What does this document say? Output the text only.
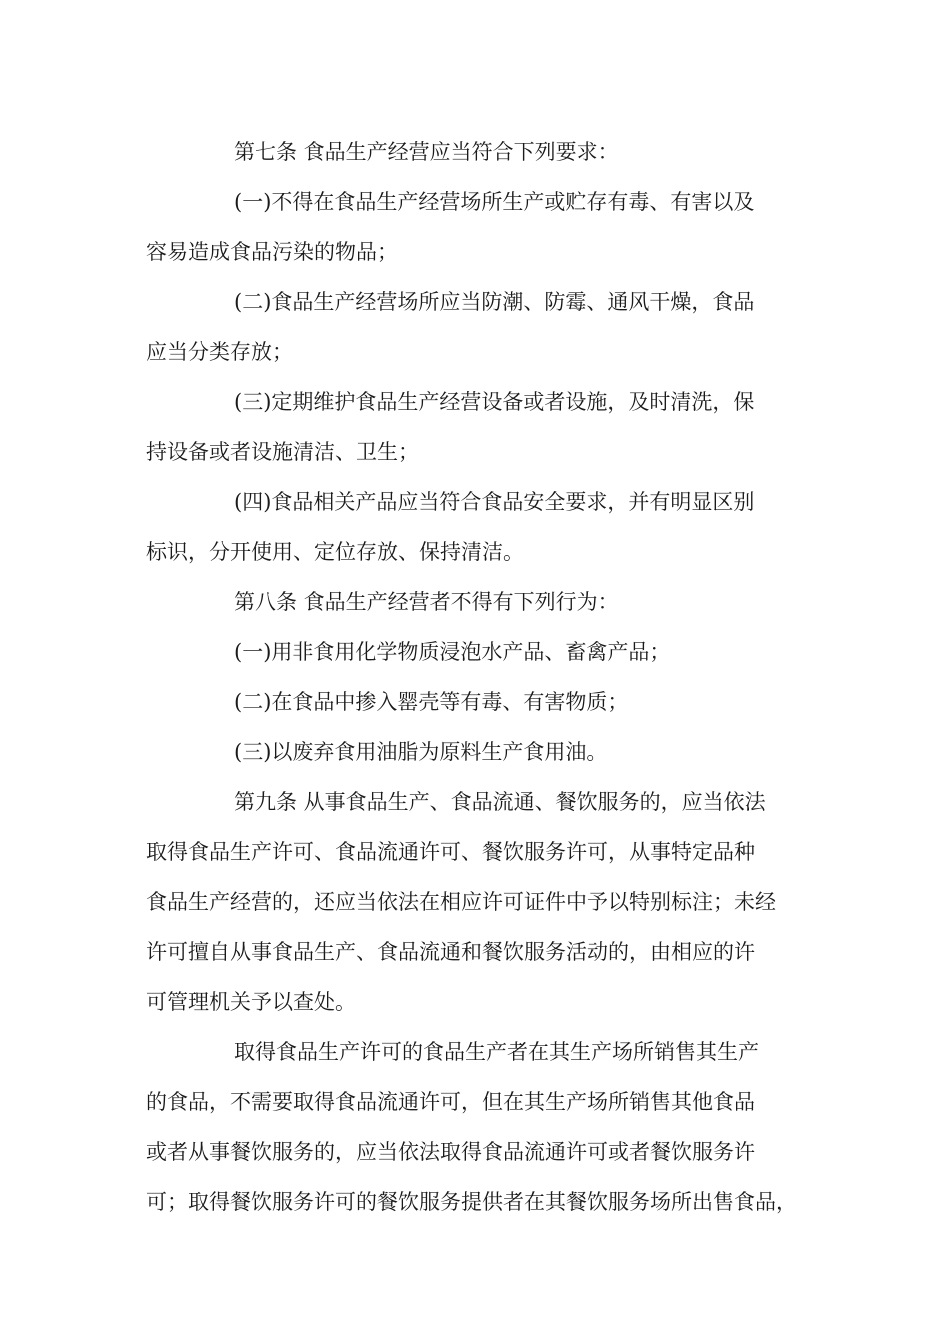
第七条 食品生产经营应当符合下列要求：
(一)不得在食品生产经营场所生产或贮存有毒、有害以及
容易造成食品污染的物品；
(二)食品生产经营场所应当防潮、防霉、通风干燥，食品
应当分类存放；
(三)定期维护食品生产经营设备或者设施，及时清洗，保
持设备或者设施清洁、卫生；
(四)食品相关产品应当符合食品安全要求，并有明显区别
标识，分开使用、定位存放、保持清洁。
第八条 食品生产经营者不得有下列行为：
(一)用非食用化学物质浸泡水产品、畜禽产品；
(二)在食品中掺入罂壳等有毒、有害物质；
(三)以废弃食用油脂为原料生产食用油。
第九条 从事食品生产、食品流通、餐饮服务的，应当依法
取得食品生产许可、食品流通许可、餐饮服务许可，从事特定品种
食品生产经营的，还应当依法在相应许可证件中予以特别标注；未经
许可擅自从事食品生产、食品流通和餐饮服务活动的，由相应的许
可管理机关予以查处。
取得食品生产许可的食品生产者在其生产场所销售其生产
的食品，不需要取得食品流通许可，但在其生产场所销售其他食品
或者从事餐饮服务的，应当依法取得食品流通许可或者餐饮服务许
可；取得餐饮服务许可的餐饮服务提供者在其餐饮服务场所出售食品，
